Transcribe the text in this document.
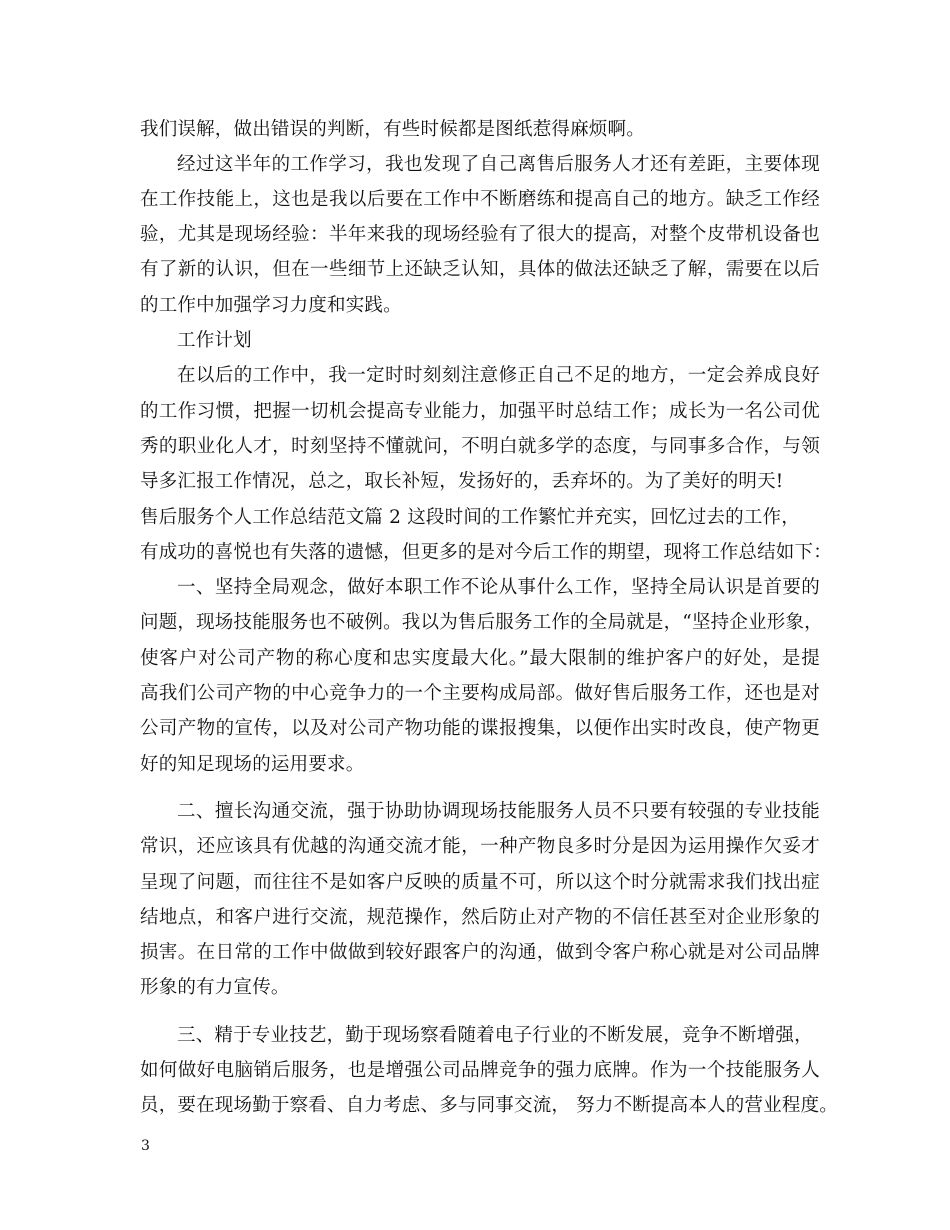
我们误解，做出错误的判断，有些时候都是图纸惹得麻烦啊。
经过这半年的工作学习，我也发现了自己离售后服务人才还有差距，主要体现
在工作技能上，这也是我以后要在工作中不断磨练和提高自己的地方。缺乏工作经
验，尤其是现场经验：半年来我的现场经验有了很大的提高，对整个皮带机设备也
有了新的认识，但在一些细节上还缺乏认知，具体的做法还缺乏了解，需要在以后
的工作中加强学习力度和实践。
工作计划
在以后的工作中，我一定时时刻刻注意修正自己不足的地方，一定会养成良好
的工作习惯，把握一切机会提高专业能力，加强平时总结工作；成长为一名公司优
秀的职业化人才，时刻坚持不懂就问，不明白就多学的态度，与同事多合作，与领
导多汇报工作情况，总之，取长补短，发扬好的，丢弃坏的。为了美好的明天!
售后服务个人工作总结范文篇 2 这段时间的工作繁忙并充实，回忆过去的工作，
有成功的喜悦也有失落的遗憾，但更多的是对今后工作的期望，现将工作总结如下：
一、坚持全局观念，做好本职工作不论从事什么工作，坚持全局认识是首要的
问题，现场技能服务也不破例。我以为售后服务工作的全局就是，“坚持企业形象，
使客户对公司产物的称心度和忠实度最大化。”最大限制的维护客户的好处，是提
高我们公司产物的中心竞争力的一个主要构成局部。做好售后服务工作，还也是对
公司产物的宣传，以及对公司产物功能的谍报搜集，以便作出实时改良，使产物更
好的知足现场的运用要求。
二、擅长沟通交流，强于协助协调现场技能服务人员不只要有较强的专业技能
常识，还应该具有优越的沟通交流才能，一种产物良多时分是因为运用操作欠妥才
呈现了问题，而往往不是如客户反映的质量不可，所以这个时分就需求我们找出症
结地点，和客户进行交流，规范操作，然后防止对产物的不信任甚至对企业形象的
损害。在日常的工作中做做到较好跟客户的沟通，做到令客户称心就是对公司品牌
形象的有力宣传。
三、精于专业技艺，勤于现场察看随着电子行业的不断发展，竞争不断增强，
如何做好电脑销后服务，也是增强公司品牌竞争的强力底牌。作为一个技能服务人
员，要在现场勤于察看、自力考虑、多与同事交流， 努力不断提高本人的营业程度。
3
